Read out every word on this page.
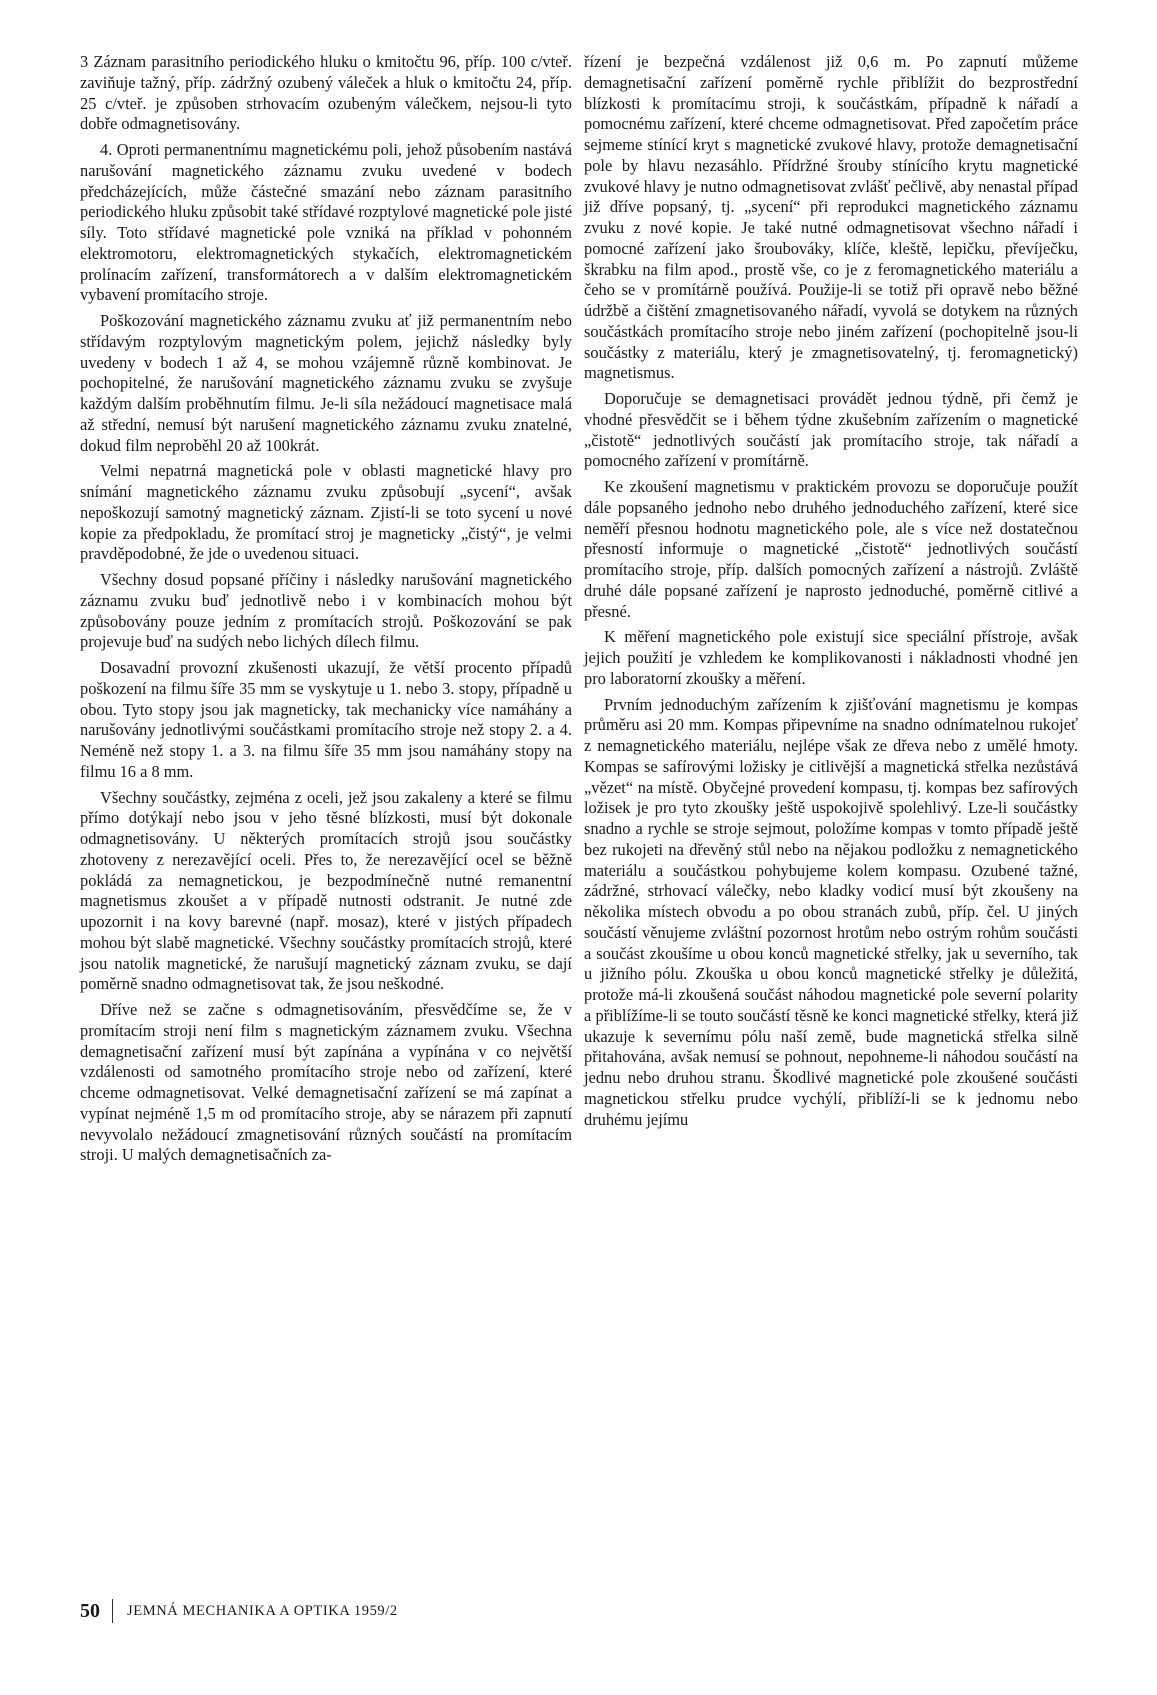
3 Záznam parasitního periodického hluku o kmitočtu 96, příp. 100 c/vteř. zaviňuje tažný, příp. zádržný ozubený váleček a hluk o kmitočtu 24, příp. 25 c/vteř. je způsoben strhovacím ozubeným válečkem, nejsou-li tyto dobře odmagnetisovány.

4. Oproti permanentnímu magnetickému poli, jehož působením nastává narušování magnetického záznamu zvuku uvedené v bodech předcházejících, může částečné smazání nebo záznam parasitního periodického hluku způsobit také střídavé rozptylové magnetické pole jisté síly. Toto střídavé magnetické pole vzniká na příklad v pohonném elektromotoru, elektromagnetických stykačích, elektromagnetickém prolínacím zařízení, transformátorech a v dalším elektromagnetickém vybavení promítacího stroje.

Poškozování magnetického záznamu zvuku ať již permanentním nebo střídavým rozptylovým magnetickým polem, jejichž následky byly uvedeny v bodech 1 až 4, se mohou vzájemně různě kombinovat. Je pochopitelné, že narušování magnetického záznamu zvuku se zvyšuje každým dalším proběhnutím filmu. Je-li síla nežádoucí magnetisace malá až střední, nemusí být narušení magnetického záznamu zvuku znatelné, dokud film neproběhl 20 až 100krát.

Velmi nepatrná magnetická pole v oblasti magnetické hlavy pro snímání magnetického záznamu zvuku způsobují „sycení“, avšak nepoškozují samotný magnetický záznam. Zjistí-li se toto sycení u nové kopie za předpokladu, že promítací stroj je magneticky „čistý“, je velmi pravděpodobné, že jde o uvedenou situaci.

Všechny dosud popsané příčiny i následky narušování magnetického záznamu zvuku buď jednotlivě nebo i v kombinacích mohou být způsobovány pouze jedním z promítacích strojů. Poškozování se pak projevuje buď na sudých nebo lichých dílech filmu.

Dosavadní provozní zkušenosti ukazují, že větší procento případů poškození na filmu šíře 35 mm se vyskytuje u 1. nebo 3. stopy, případně u obou. Tyto stopy jsou jak magneticky, tak mechanicky více namáhány a narušovány jednotlivými součástkami promítacího stroje než stopy 2. a 4. Neméně než stopy 1. a 3. na filmu šíře 35 mm jsou namáhány stopy na filmu 16 a 8 mm.

Všechny součástky, zejména z oceli, jež jsou zakaleny a které se filmu přímo dotýkají nebo jsou v jeho těsné blízkosti, musí být dokonale odmagnetisovány. U některých promítacích strojů jsou součástky zhotoveny z nerezavějící oceli. Přes to, že nerezavějící ocel se běžně pokládá za nemagnetickou, je bezpodmínečně nutné remanentní magnetismus zkoušet a v případě nutnosti odstranit. Je nutné zde upozornit i na kovy barevné (např. mosaz), které v jistých případech mohou být slabě magnetické. Všechny součástky promítacích strojů, které jsou natolik magnetické, že narušují magnetický záznam zvuku, se dají poměrně snadno odmagnetisovat tak, že jsou neškodné.

Dříve než se začne s odmagnetisováním, přesvědčíme se, že v promítacím stroji není film s magnetickým záznamem zvuku. Všechna demagnetisační zařízení musí být zapínána a vypínána v co největší vzdálenosti od samotného promítacího stroje nebo od zařízení, které chceme odmagnetisovat. Velké demagnetisační zařízení se má zapínat a vypínat nejméně 1,5 m od promítacího stroje, aby se nárazem při zapnutí nevyvolalo nežádoucí zmagnetisování různých součástí na promítacím stroji. U malých demagnetisačních za-

řízení je bezpečná vzdálenost již 0,6 m. Po zapnutí můžeme demagnetisační zařízení poměrně rychle přiblížit do bezprostřední blízkosti k promítacímu stroji, k součástkám, případně k nářadí a pomocnému zařízení, které chceme odmagnetisovat. Před započetím práce sejmeme stínící kryt s magnetické zvukové hlavy, protože demagnetisační pole by hlavu nezasáhlo. Přídržné šrouby stínícího krytu magnetické zvukové hlavy je nutno odmagnetisovat zvlášť pečlivě, aby nenastal případ již dříve popsaný, tj. „sycení“ při reprodukci magnetického záznamu zvuku z nové kopie. Je také nutné odmagnetisovat všechno nářadí i pomocné zařízení jako šroubováky, klíče, kleště, lepičku, převíječku, škrabku na film apod., prostě vše, co je z feromagnetického materiálu a čeho se v promítárně používá. Použije-li se totiž při opravě nebo běžné údržbě a čištění zmagnetisovaného nářadí, vyvolá se dotykem na různých součástkách promítacího stroje nebo jiném zařízení (pochopitelně jsou-li součástky z materiálu, který je zmagnetisovatelný, tj. feromagnetický) magnetismus.

Doporučuje se demagnetisaci provádět jednou týdně, při čemž je vhodné přesvědčit se i během týdne zkušebním zařízením o magnetické „čistotě“ jednotlivých součástí jak promítacího stroje, tak nářadí a pomocného zařízení v promítárně.

Ke zkoušení magnetismu v praktickém provozu se doporučuje použít dále popsaného jednoho nebo druhého jednoduchého zařízení, které sice neměří přesnou hodnotu magnetického pole, ale s více než dostatečnou přesností informuje o magnetické „čistotě“ jednotlivých součástí promítacího stroje, příp. dalších pomocných zařízení a nástrojů. Zvláště druhé dále popsané zařízení je naprosto jednoduché, poměrně citlivé a přesné.

K měření magnetického pole existují sice speciální přístroje, avšak jejich použití je vzhledem ke komplikovanosti i nákladnosti vhodné jen pro laboratorní zkoušky a měření.

Prvním jednoduchým zařízením k zjišťování magnetismu je kompas průměru asi 20 mm. Kompas připevníme na snadno odnímatelnou rukojeť z nemagnetického materiálu, nejlépe však ze dřeva nebo z umělé hmoty. Kompas se safírovými ložisky je citlivější a magnetická střelka nezůstává „vězet“ na místě. Obyčejné provedení kompasu, tj. kompas bez safírových ložisek je pro tyto zkoušky ještě uspokojivě spolehlivý. Lze-li součástky snadno a rychle se stroje sejmout, položíme kompas v tomto případě ještě bez rukojeti na dřevěný stůl nebo na nějakou podložku z nemagnetického materiálu a součástkou pohybujeme kolem kompasu. Ozubené tažné, zádržné, strhovací válečky, nebo kladky vodicí musí být zkoušeny na několika místech obvodu a po obou stranách zubů, příp. čel. U jiných součástí věnujeme zvláštní pozornost hrotům nebo ostrým rohům součásti a součást zkoušíme u obou konců magnetické střelky, jak u severního, tak u jižního pólu. Zkouška u obou konců magnetické střelky je důležitá, protože má-li zkoušená součást náhodou magnetické pole severní polarity a přiblížíme-li se touto součástí těsně ke konci magnetické střelky, která již ukazuje k severnímu pólu naší země, bude magnetická střelka silně přitahována, avšak nemusí se pohnout, nepohneme-li náhodou součástí na jednu nebo druhou stranu. Škodlivé magnetické pole zkoušené součásti magnetickou střelku prudce vychýlí, přiblíží-li se k jednomu nebo druhému jejímu

50 JEMNÁ MECHANIKA A OPTIKA 1959/2
